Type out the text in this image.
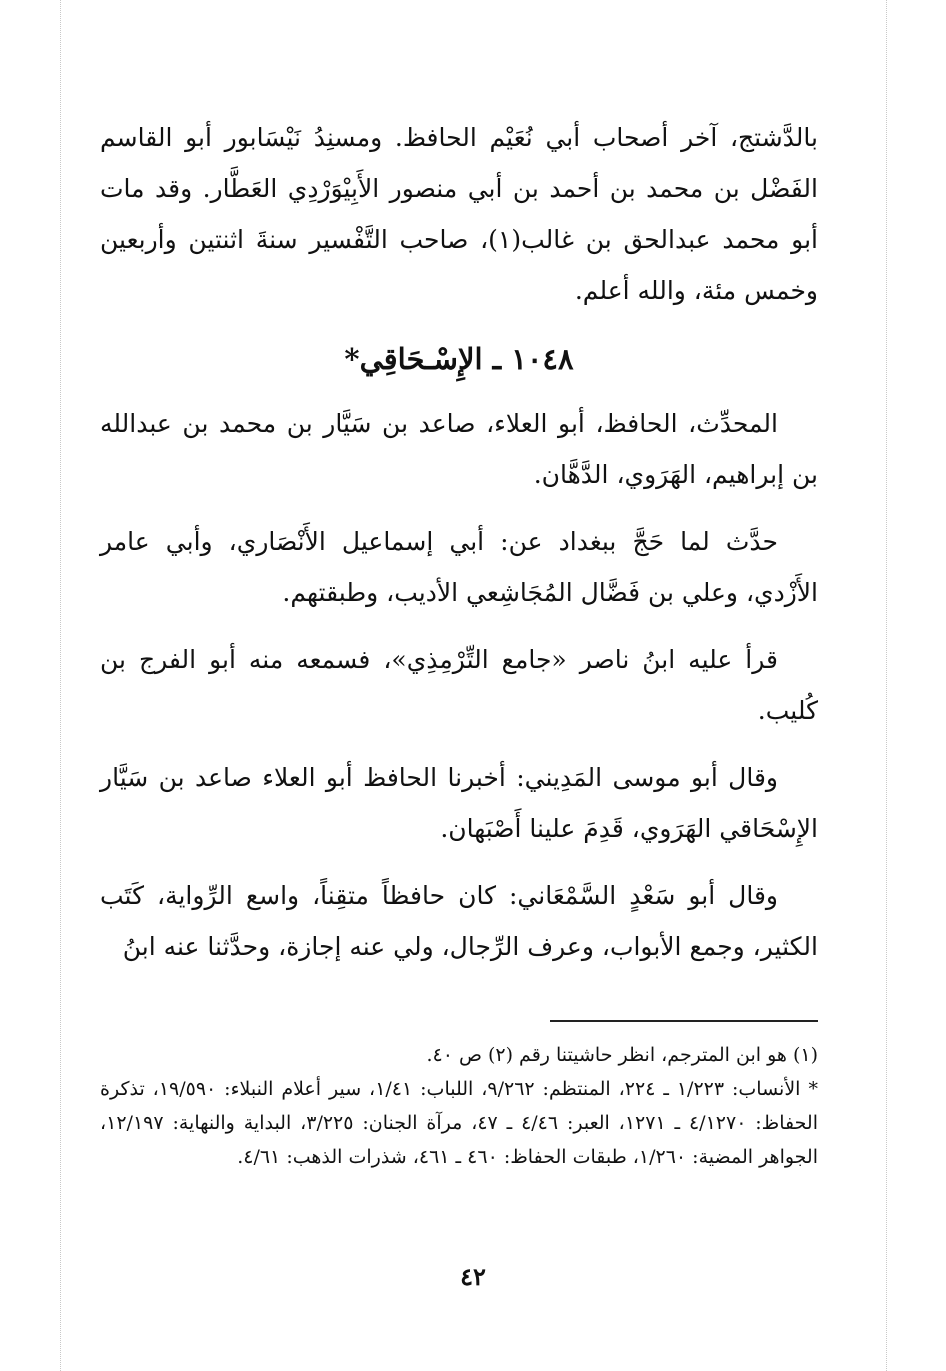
بالدَّشتج، آخر أصحاب أبي نُعَيْم الحافظ. ومسنِدُ نَيْسَابور أبو القاسم الفَضْل بن محمد بن أحمد بن أبي منصور الأَبِيْوَرْدِي العَطَّار. وقد مات أبو محمد عبدالحق بن غالب(١)، صاحب التَّفْسير سنةَ اثنتين وأربعين وخمس مئة، والله أعلم.

١٠٤٨ ـ الإِسْـحَاقِي*

المحدِّث، الحافظ، أبو العلاء، صاعد بن سَيَّار بن محمد بن عبدالله بن إبراهيم، الهَرَوي، الدَّهَّان.

حدَّث لما حَجَّ ببغداد عن: أبي إسماعيل الأَنْصَاري، وأبي عامر الأَزْدي، وعلي بن فَضَّال المُجَاشِعي الأديب، وطبقتهم.

قرأ عليه ابنُ ناصر «جامع التِّرْمِذِي»، فسمعه منه أبو الفرج بن كُليب.

وقال أبو موسى المَدِيني: أخبرنا الحافظ أبو العلاء صاعد بن سَيَّار الإِسْحَاقي الهَرَوي، قَدِمَ علينا أَصْبَهان.

وقال أبو سَعْدٍ السَّمْعَاني: كان حافظاً متقِناً، واسع الرِّواية، كَتَب الكثير، وجمع الأبواب، وعرف الرِّجال، ولي عنه إجازة، وحدَّثنا عنه ابنُ

(١) هو ابن المترجم، انظر حاشيتنا رقم (٢) ص ٤٠.

*الأنساب: ١/٢٢٣ ـ ٢٢٤، المنتظم: ٩/٢٦٢، اللباب: ١/٤١، سير أعلام النبلاء: ١٩/٥٩٠، تذكرة الحفاظ: ٤/١٢٧٠ ـ ١٢٧١، العبر: ٤/٤٦ ـ ٤٧، مرآة الجنان: ٣/٢٢٥، البداية والنهاية: ١٢/١٩٧، الجواهر المضية: ١/٢٦٠، طبقات الحفاظ: ٤٦٠ ـ ٤٦١، شذرات الذهب: ٤/٦١.

٤٢
